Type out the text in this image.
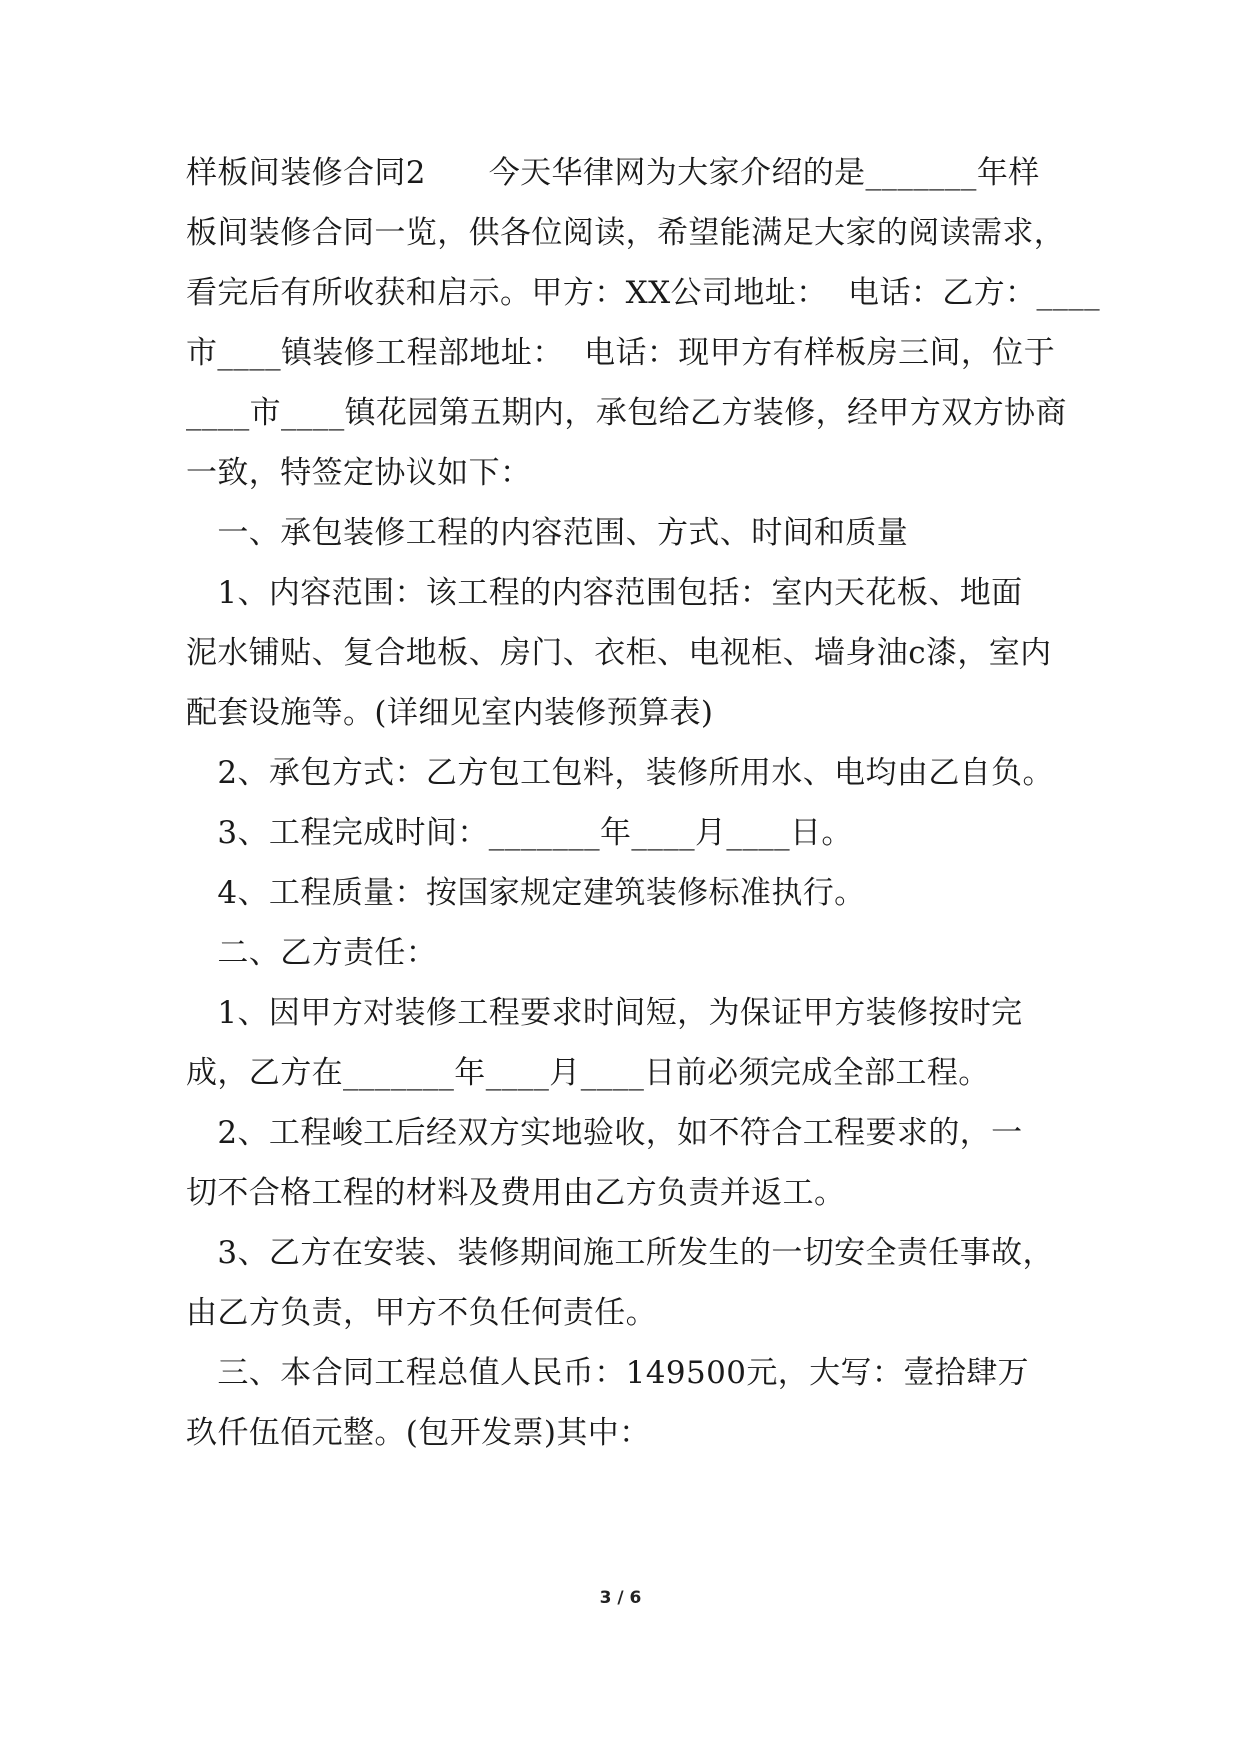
样板间装修合同2　　今天华律网为大家介绍的是_______年样
板间装修合同一览，供各位阅读，希望能满足大家的阅读需求，
看完后有所收获和启示。甲方：XX公司地址：  电话：乙方：____
市____镇装修工程部地址：  电话：现甲方有样板房三间，位于
____市____镇花园第五期内，承包给乙方装修，经甲方双方协商
一致，特签定协议如下：
　一、承包装修工程的内容范围、方式、时间和质量
　1、内容范围：该工程的内容范围包括：室内天花板、地面
泥水铺贴、复合地板、房门、衣柜、电视柜、墙身油c漆，室内
配套设施等。(详细见室内装修预算表)
　2、承包方式：乙方包工包料，装修所用水、电均由乙自负。
　3、工程完成时间：_______年____月____日。
　4、工程质量：按国家规定建筑装修标准执行。
　二、乙方责任：
　1、因甲方对装修工程要求时间短，为保证甲方装修按时完
成，乙方在_______年____月____日前必须完成全部工程。
　2、工程峻工后经双方实地验收，如不符合工程要求的，一
切不合格工程的材料及费用由乙方负责并返工。
　3、乙方在安装、装修期间施工所发生的一切安全责任事故，
由乙方负责，甲方不负任何责任。
　三、本合同工程总值人民币：149500元，大写：壹拾肆万
玖仟伍佰元整。(包开发票)其中：
3 / 6
